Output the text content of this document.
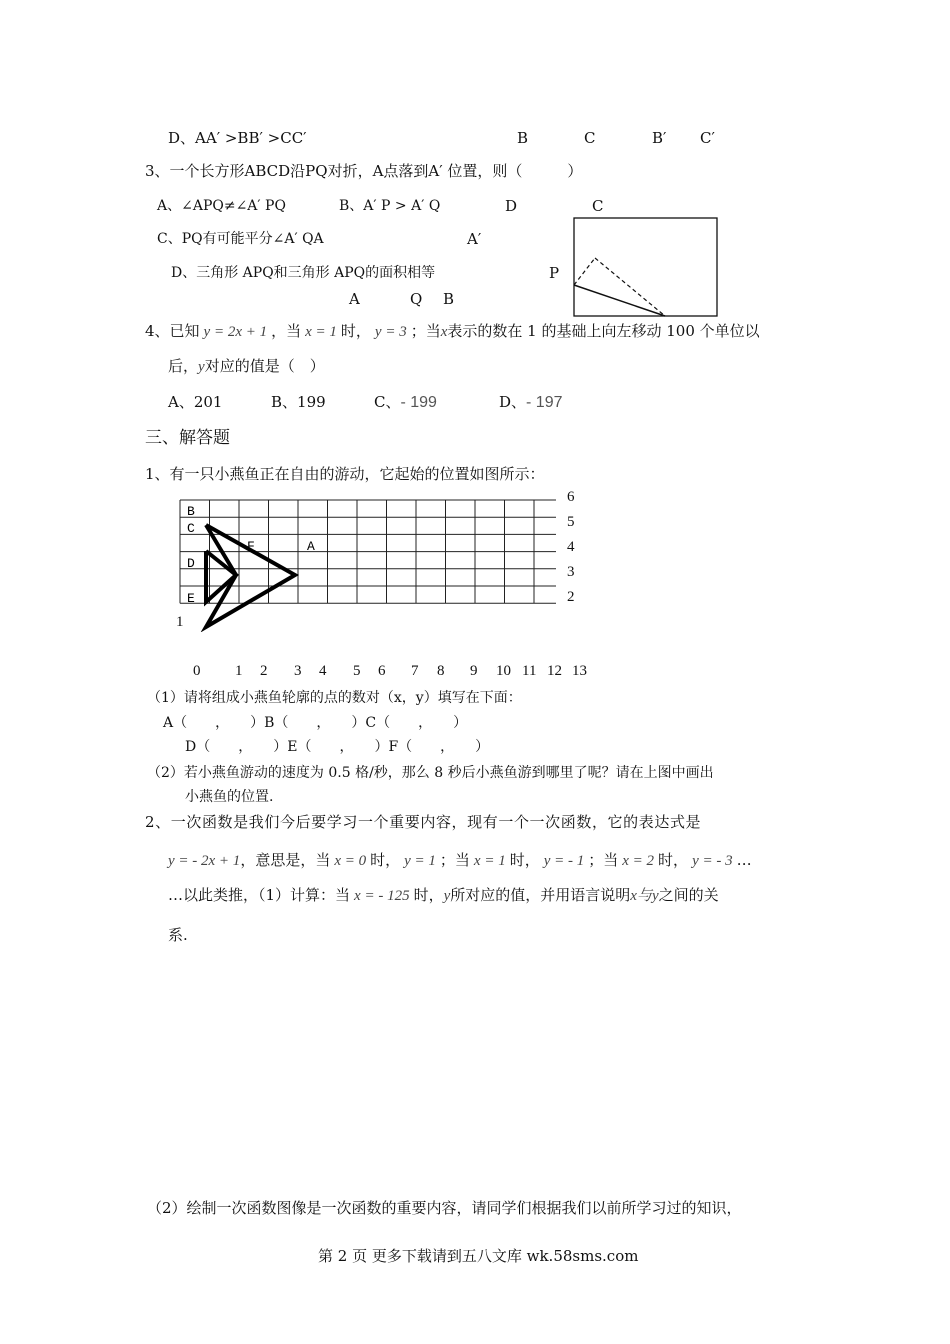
D、AA′ >BB′ >CC′	B	C	B′ C′
3、一个长方形ABCD沿PQ对折，A点落到A′ 位置，则（　　　）
A、∠APQ≠∠A′ PQ	B、A′ P > A′ Q	D	C
C、PQ有可能平分∠A′ QA	A′
D、三角形 APQ和三角形 APQ的面积相等	P
A	Q B
4、已知 y = 2x + 1 ，当 x = 1 时， y = 3 ；当x表示的数在 1 的基础上向左移动 100 个单位以
后，y对应的值是（　）
A、201	B、199	C、- 199	D、- 197
三、解答题
1、有一只小燕鱼正在自由的游动，它起始的位置如图所示：
B
C
F	A
D
E
6
5
4
3
2
1
0 1 2 3 4 5 6 7 8 9 10 11 12 13
（1）请将组成小燕鱼轮廓的点的数对（x，y）填写在下面：
A（　　，　　）B（　　，　　）C（　　，　　）
D（　　，　　）E（　　，　　）F（　　，　　）
（2）若小燕鱼游动的速度为 0.5 格/秒，那么 8 秒后小燕鱼游到哪里了呢？请在上图中画出
小燕鱼的位置.
2、一次函数是我们今后要学习一个重要内容，现有一个一次函数，它的表达式是
y = - 2x + 1，意思是，当 x = 0 时， y = 1 ；当 x = 1 时， y = - 1 ；当 x = 2 时， y = - 3 …
…以此类推，（1）计算：当 x = - 125 时，y所对应的值，并用语言说明x与y之间的关
系.
（2）绘制一次函数图像是一次函数的重要内容，请同学们根据我们以前所学习过的知识，
第 2 页 更多下载请到五八文库 wk.58sms.com
